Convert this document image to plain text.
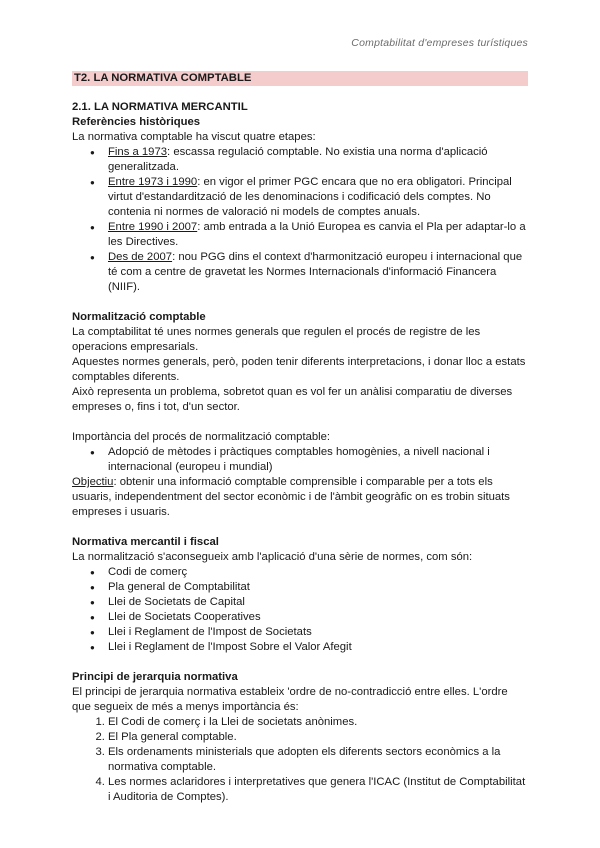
Comptabilitat d'empreses turístiques
T2. LA NORMATIVA COMPTABLE

2.1. LA NORMATIVA MERCANTIL

Referències històriques

La normativa comptable ha viscut quatre etapes:

● Fins a 1973: escassa regulació comptable. No existia una norma d'aplicació generalitzada.
● Entre 1973 i 1990: en vigor el primer PGC encara que no era obligatori. Principal virtut d'estandardització de les denominacions i codificació dels comptes. No contenia ni normes de valoració ni models de comptes anuals.
● Entre 1990 i 2007: amb entrada a la Unió Europea es canvia el Pla per adaptar-lo a les Directives.
● Des de 2007: nou PGG dins el context d'harmonització europeu i internacional que té com a centre de gravetat les Normes Internacionals d'informació Financera (NIIF).

Normalització comptable

La comptabilitat té unes normes generals que regulen el procés de registre de les operacions empresarials.

Aquestes normes generals, però, poden tenir diferents interpretacions, i donar lloc a estats comptables diferents.

Això representa un problema, sobretot quan es vol fer un anàlisi comparatiu de diverses empreses o, fins i tot, d'un sector.

Importància del procés de normalització comptable:

● Adopció de mètodes i pràctiques comptables homogènies, a nivell nacional i internacional (europeu i mundial)

Objectiu: obtenir una informació comptable comprensible i comparable per a tots els usuaris, independentment del sector econòmic i de l'àmbit geogràfic on es trobin situats empreses i usuaris.

Normativa mercantil i fiscal

La normalització s'aconsegueix amb l'aplicació d'una sèrie de normes, com són:

● Codi de comerç
● Pla general de Comptabilitat
● Llei de Societats de Capital
● Llei de Societats Cooperatives
● Llei i Reglament de l'Impost de Societats
● Llei i Reglament de l'Impost Sobre el Valor Afegit

Principi de jerarquia normativa

El principi de jerarquia normativa estableix 'ordre de no-contradicció entre elles. L'ordre que segueix de més a menys importància és:

1. El Codi de comerç i la Llei de societats anònimes.
2. El Pla general comptable.
3. Els ordenaments ministerials que adopten els diferents sectors econòmics a la normativa comptable.
4. Les normes aclaridores i interpretatives que genera l'ICAC (Institut de Comptabilitat i Auditoria de Comptes).
